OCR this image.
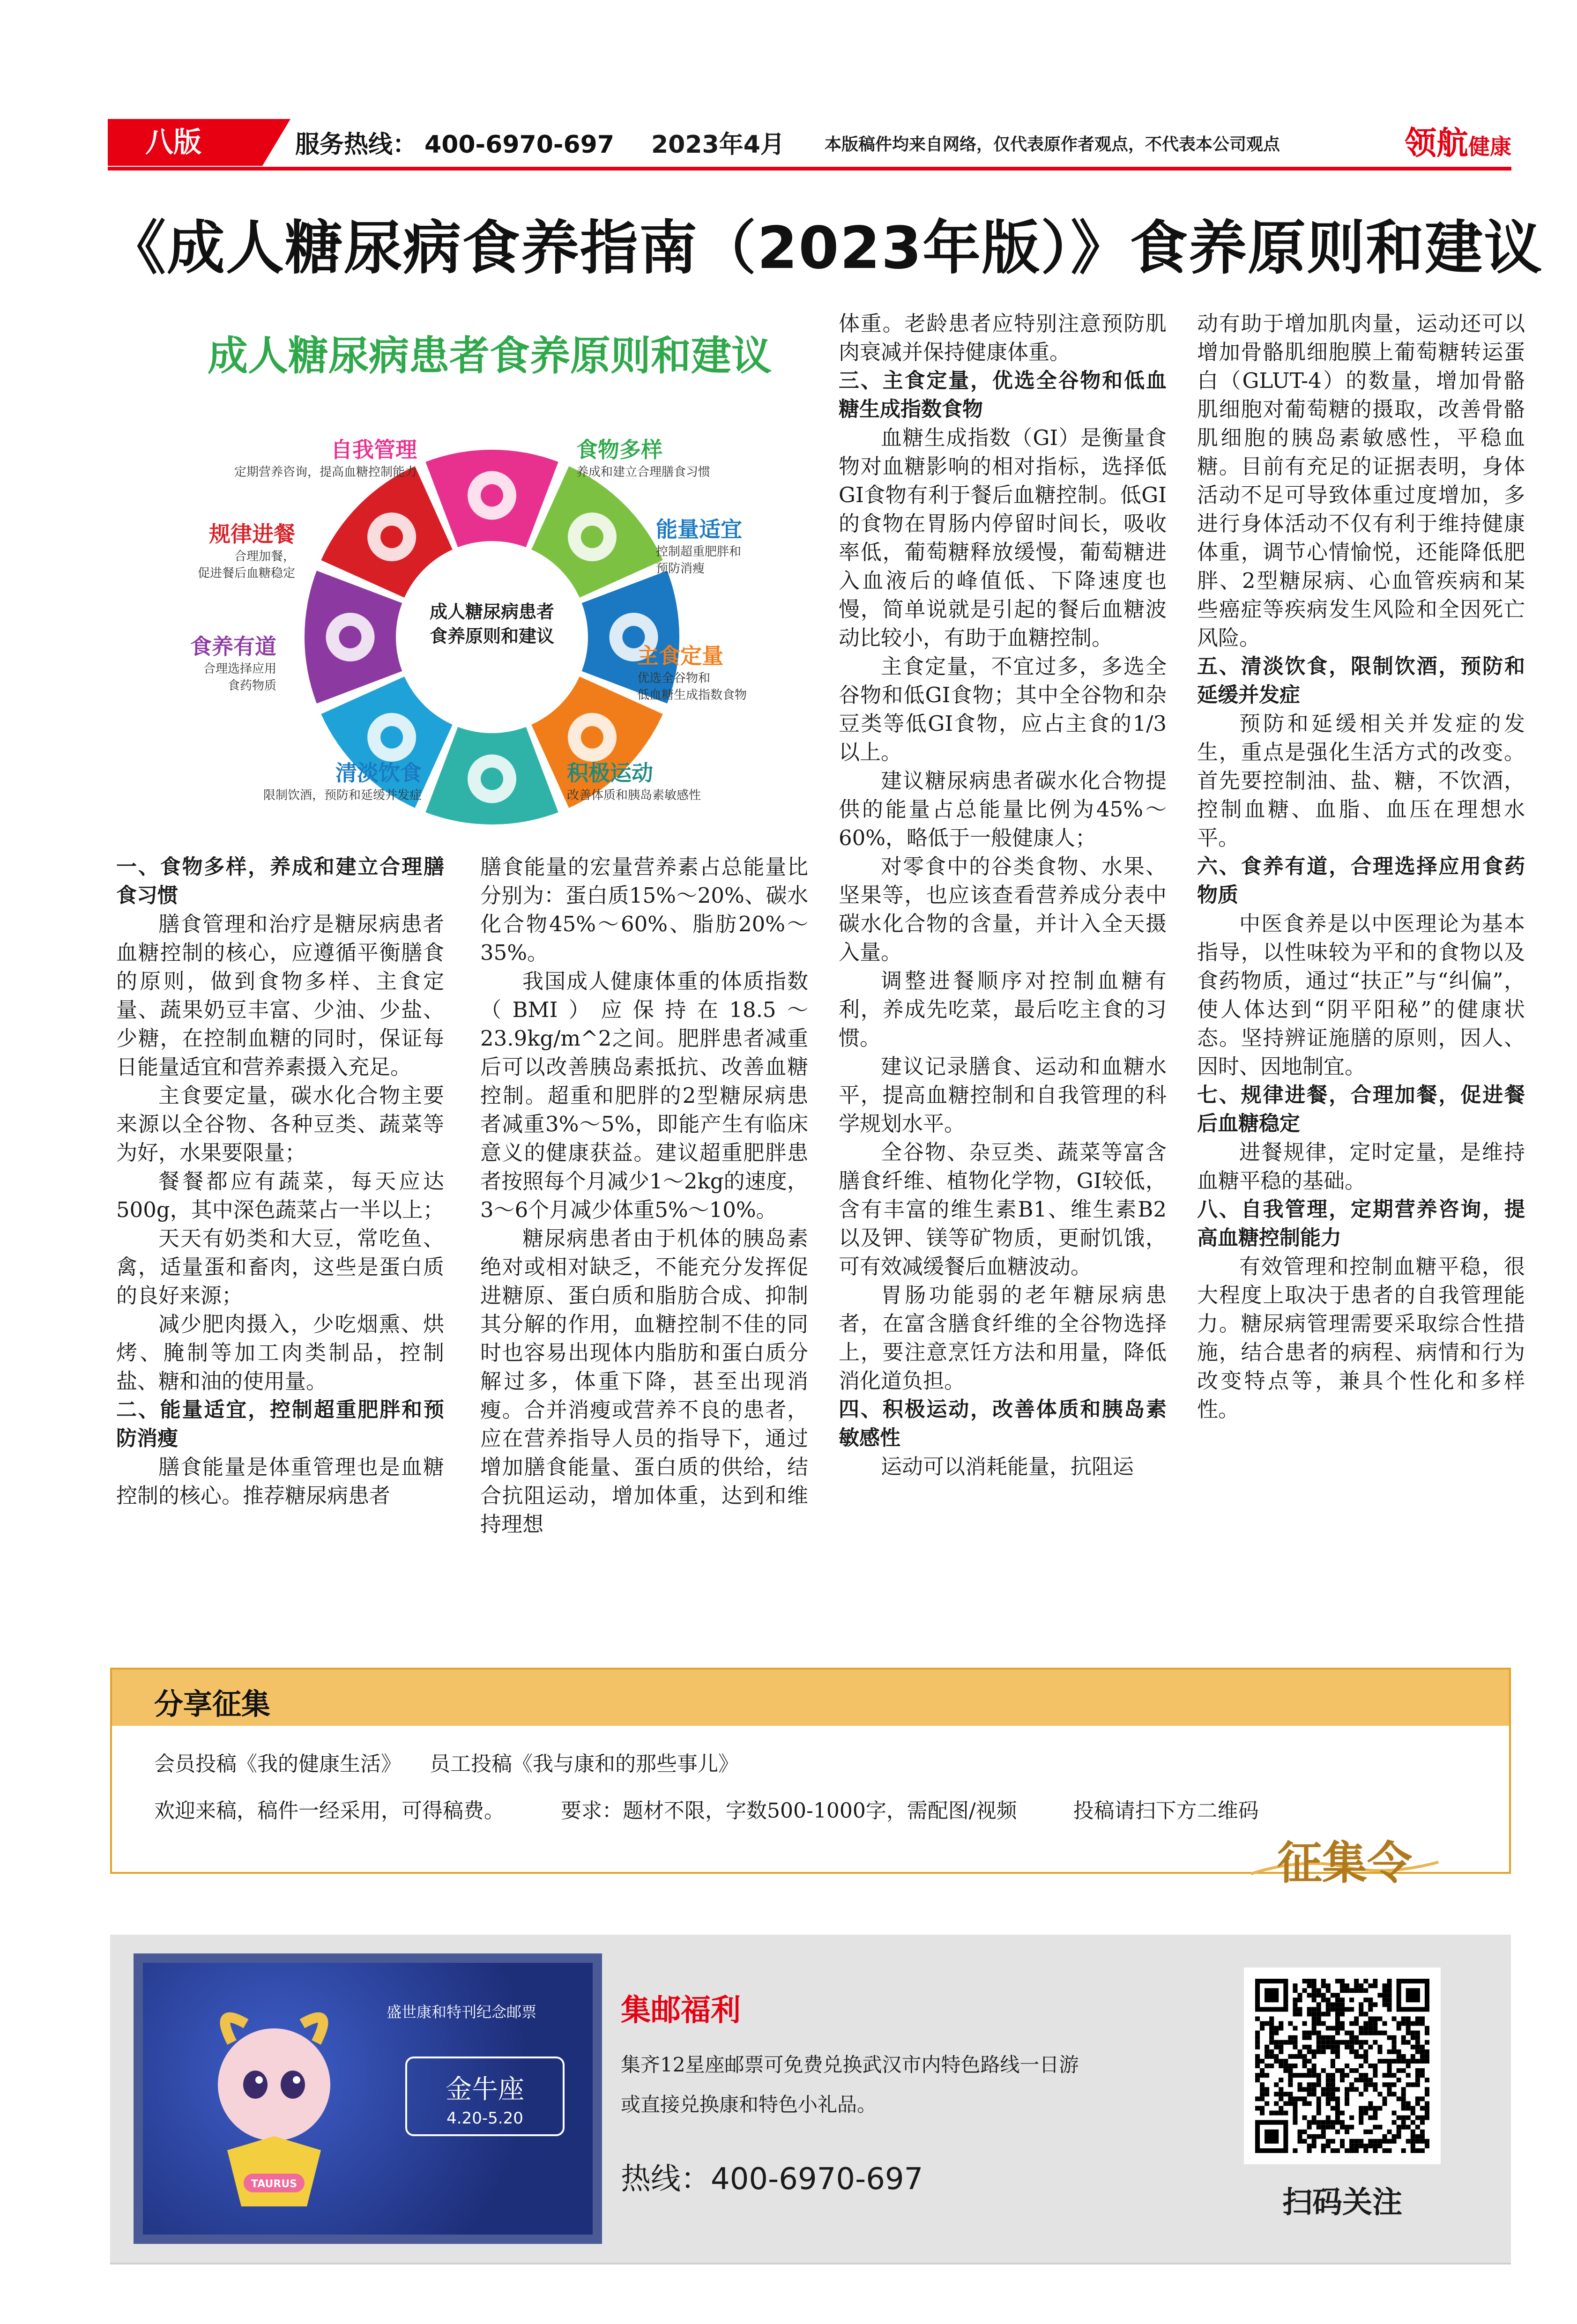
八版	服务热线： 400-6970-697 2023年4月 本版稿件均来自网络，仅代表原作者观点，不代表本公司观点	领航健康
《成人糖尿病食养指南（2023年版）》食养原则和建议
成人糖尿病患者食养原则和建议
成人糖尿病患者
食养原则和建议
自我管理
定期营养咨询，提高血糖控制能力
食物多样
养成和建立合理膳食习惯
能量适宜
控制超重肥胖和
预防消瘦
主食定量
优选全谷物和
低血糖生成指数食物
积极运动
改善体质和胰岛素敏感性
清淡饮食
限制饮酒，预防和延缓并发症
食养有道
合理选择应用
食药物质
规律进餐
合理加餐，
促进餐后血糖稳定
一、食物多样，养成和建立合理膳食习惯
膳食管理和治疗是糖尿病患者血糖控制的核心，应遵循平衡膳食的原则，做到食物多样、主食定量、蔬果奶豆丰富、少油、少盐、少糖，在控制血糖的同时，保证每日能量适宜和营养素摄入充足。
主食要定量，碳水化合物主要来源以全谷物、各种豆类、蔬菜等为好，水果要限量；
餐餐都应有蔬菜，每天应达500g，其中深色蔬菜占一半以上；
天天有奶类和大豆，常吃鱼、禽，适量蛋和畜肉，这些是蛋白质的良好来源；
减少肥肉摄入，少吃烟熏、烘烤、腌制等加工肉类制品，控制盐、糖和油的使用量。
二、能量适宜，控制超重肥胖和预防消瘦
膳食能量是体重管理也是血糖控制的核心。推荐糖尿病患者
膳食能量的宏量营养素占总能量比分别为：蛋白质15%～20%、碳水化合物45%～60%、脂肪20%～35%。
我国成人健康体重的体质指数（BMI）应保持在18.5～23.9kg/m^2之间。肥胖患者减重后可以改善胰岛素抵抗、改善血糖控制。超重和肥胖的2型糖尿病患者减重3%～5%，即能产生有临床意义的健康获益。建议超重肥胖患者按照每个月减少1～2kg的速度，3～6个月减少体重5%～10%。
糖尿病患者由于机体的胰岛素绝对或相对缺乏，不能充分发挥促进糖原、蛋白质和脂肪合成、抑制其分解的作用，血糖控制不佳的同时也容易出现体内脂肪和蛋白质分解过多，体重下降，甚至出现消瘦。合并消瘦或营养不良的患者，应在营养指导人员的指导下，通过增加膳食能量、蛋白质的供给，结合抗阻运动，增加体重，达到和维持理想
体重。老龄患者应特别注意预防肌肉衰减并保持健康体重。
三、主食定量，优选全谷物和低血糖生成指数食物
血糖生成指数（GI）是衡量食物对血糖影响的相对指标，选择低GI食物有利于餐后血糖控制。低GI的食物在胃肠内停留时间长，吸收率低，葡萄糖释放缓慢，葡萄糖进入血液后的峰值低、下降速度也慢，简单说就是引起的餐后血糖波动比较小，有助于血糖控制。
主食定量，不宜过多，多选全谷物和低GI食物；其中全谷物和杂豆类等低GI食物，应占主食的1/3以上。
建议糖尿病患者碳水化合物提供的能量占总能量比例为45%～60%，略低于一般健康人；
对零食中的谷类食物、水果、坚果等，也应该查看营养成分表中碳水化合物的含量，并计入全天摄入量。
调整进餐顺序对控制血糖有利，养成先吃菜，最后吃主食的习惯。
建议记录膳食、运动和血糖水平，提高血糖控制和自我管理的科学规划水平。
全谷物、杂豆类、蔬菜等富含膳食纤维、植物化学物，GI较低，含有丰富的维生素B1、维生素B2以及钾、镁等矿物质，更耐饥饿，可有效减缓餐后血糖波动。
胃肠功能弱的老年糖尿病患者，在富含膳食纤维的全谷物选择上，要注意烹饪方法和用量，降低消化道负担。
四、积极运动，改善体质和胰岛素敏感性
运动可以消耗能量，抗阻运
动有助于增加肌肉量，运动还可以增加骨骼肌细胞膜上葡萄糖转运蛋白（GLUT-4）的数量，增加骨骼肌细胞对葡萄糖的摄取，改善骨骼肌细胞的胰岛素敏感性，平稳血糖。目前有充足的证据表明，身体活动不足可导致体重过度增加，多进行身体活动不仅有利于维持健康体重，调节心情愉悦，还能降低肥胖、2型糖尿病、心血管疾病和某些癌症等疾病发生风险和全因死亡风险。
五、清淡饮食，限制饮酒，预防和延缓并发症
预防和延缓相关并发症的发生，重点是强化生活方式的改变。首先要控制油、盐、糖，不饮酒，控制血糖、血脂、血压在理想水平。
六、食养有道，合理选择应用食药物质
中医食养是以中医理论为基本指导，以性味较为平和的食物以及食药物质，通过“扶正”与“纠偏”，使人体达到“阴平阳秘”的健康状态。坚持辨证施膳的原则，因人、因时、因地制宜。
七、规律进餐，合理加餐，促进餐后血糖稳定
进餐规律，定时定量，是维持血糖平稳的基础。
八、自我管理，定期营养咨询，提高血糖控制能力
有效管理和控制血糖平稳，很大程度上取决于患者的自我管理能力。糖尿病管理需要采取综合性措施，结合患者的病程、病情和行为改变特点等，兼具个性化和多样性。
分享征集
会员投稿《我的健康生活》 员工投稿《我与康和的那些事儿》
欢迎来稿，稿件一经采用，可得稿费。	要求：题材不限，字数500-1000字，需配图/视频	投稿请扫下方二维码
征集令
TAURUS
盛世康和特刊纪念邮票
金牛座
4.20-5.20
集邮福利
集齐12星座邮票可免费兑换武汉市内特色路线一日游
或直接兑换康和特色小礼品。
热线：400-6970-697
扫码关注
